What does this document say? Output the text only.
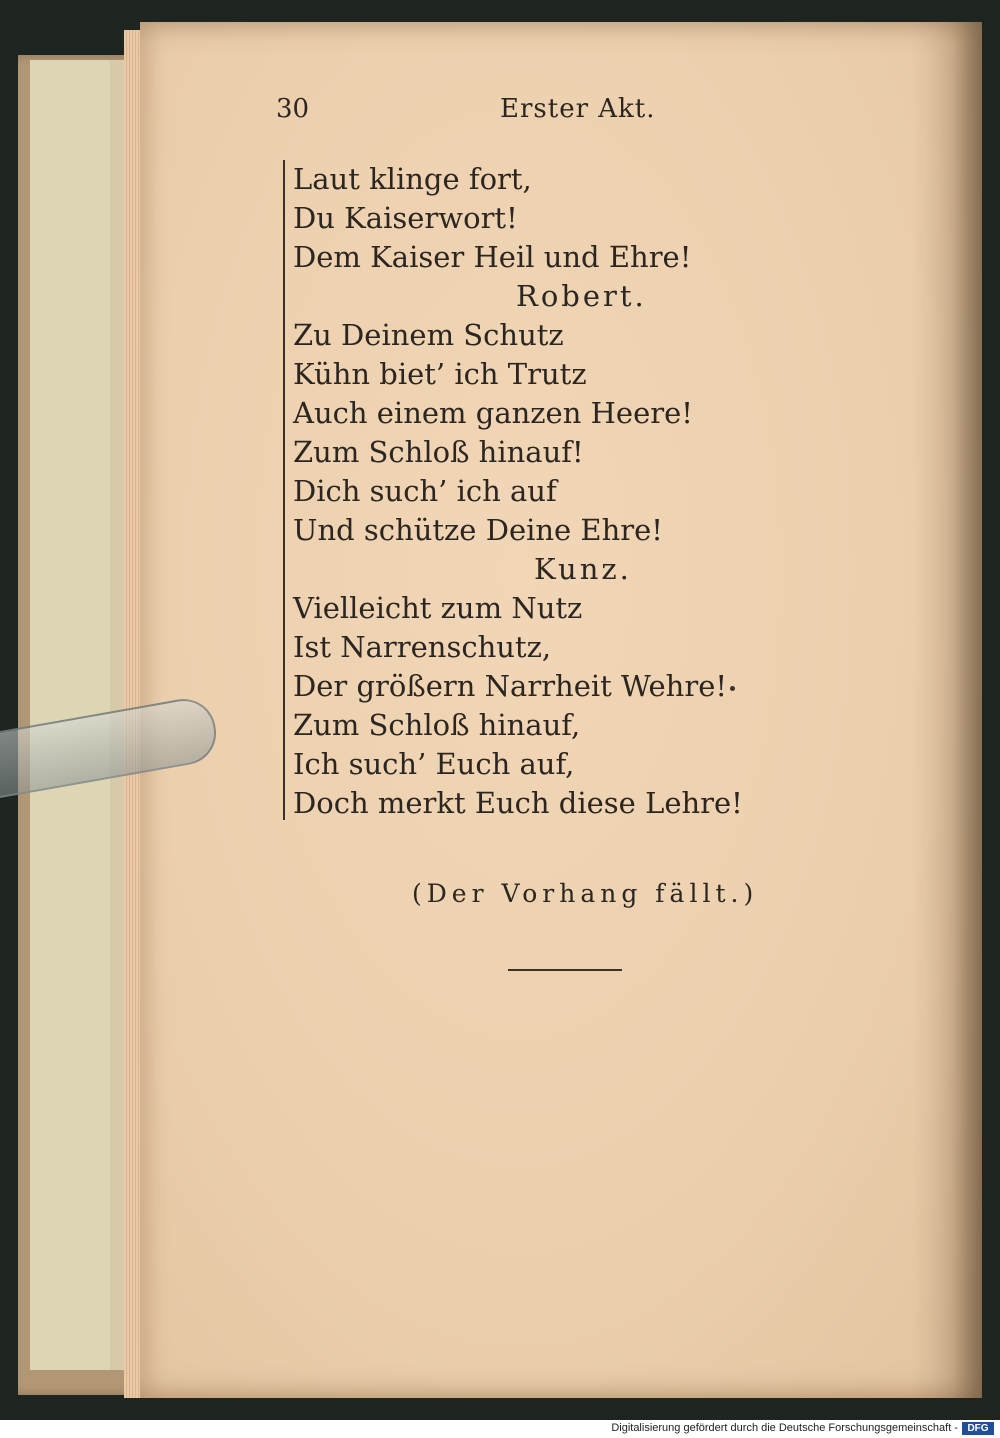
30	Erster Akt.
Laut klinge fort,
Du Kaiserwort!
Dem Kaiser Heil und Ehre!
Robert.
Zu Deinem Schutz
Kühn biet’ ich Trutz
Auch einem ganzen Heere!
Zum Schloß hinauf!
Dich such’ ich auf
Und schütze Deine Ehre!
Kunz.
Vielleicht zum Nutz
Ist Narrenschutz,
Der größern Narrheit Wehre!
Zum Schloß hinauf,
Ich such’ Euch auf,
Doch merkt Euch diese Lehre!
(Der Vorhang fällt.)
Digitalisierung gefördert durch die Deutsche Forschungsgemeinschaft - DFG
